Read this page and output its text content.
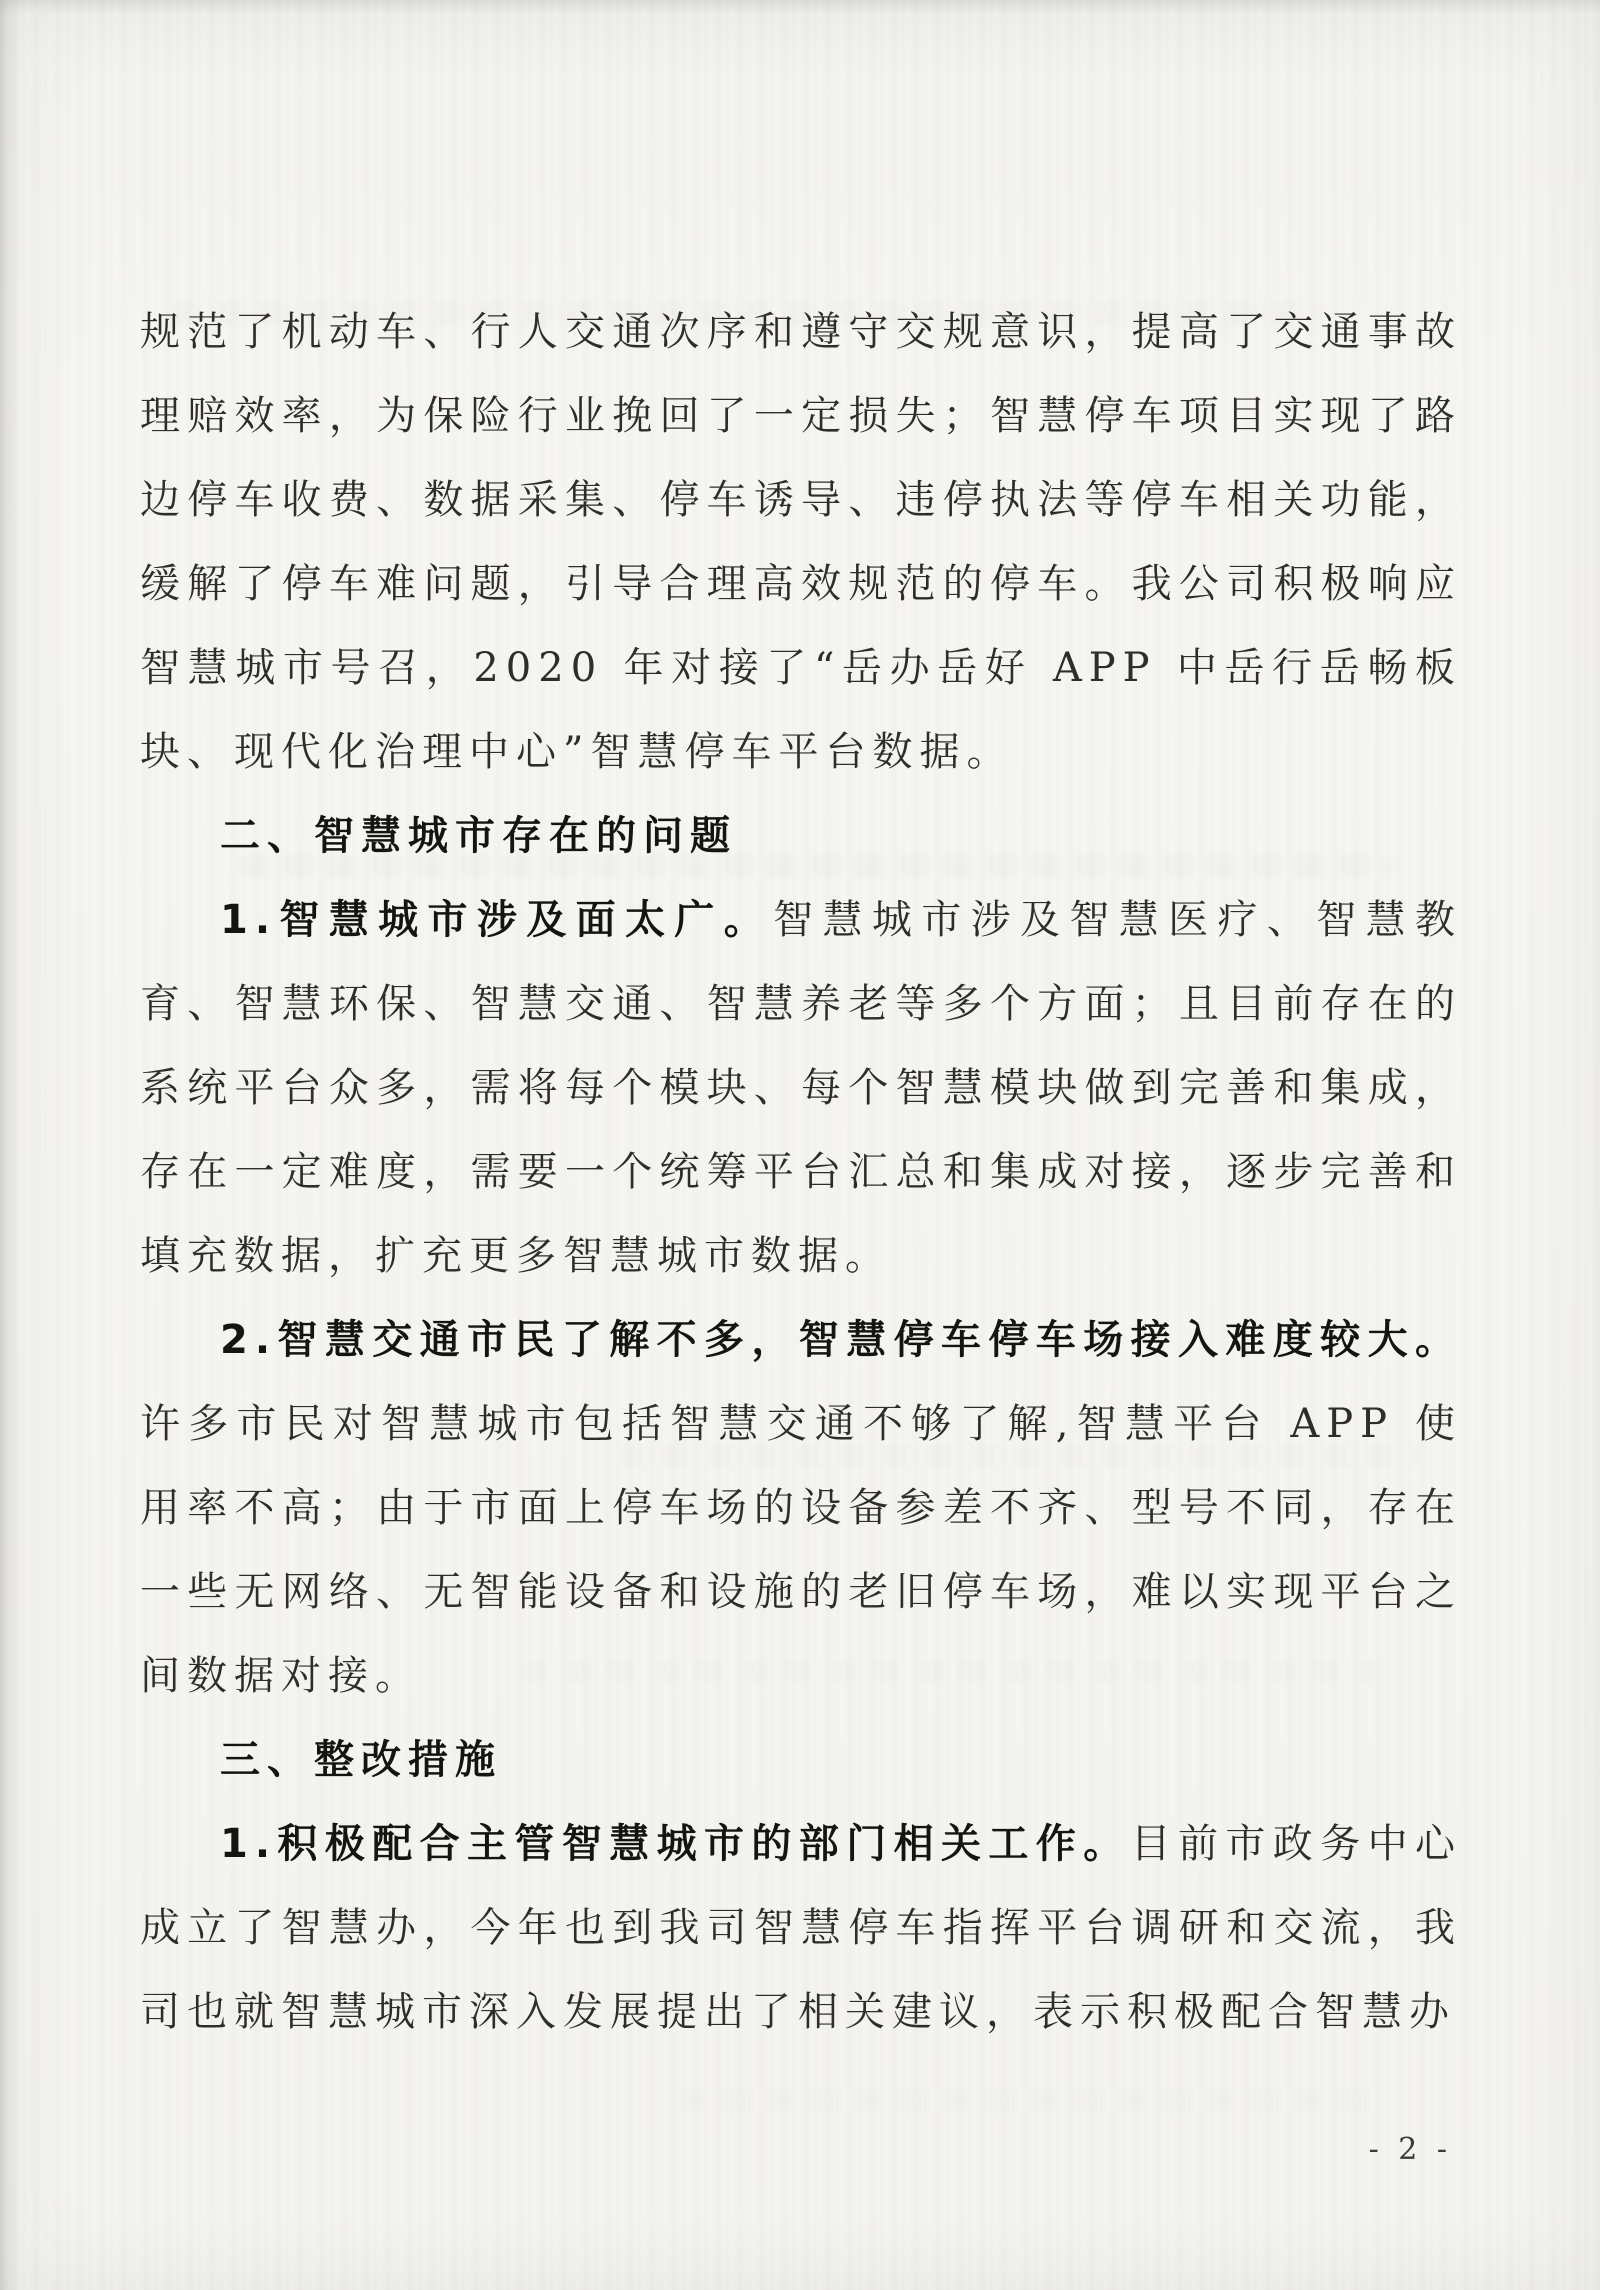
规范了机动车、行人交通次序和遵守交规意识，提高了交通事故理赔效率，为保险行业挽回了一定损失；智慧停车项目实现了路边停车收费、数据采集、停车诱导、违停执法等停车相关功能，缓解了停车难问题，引导合理高效规范的停车。我公司积极响应智慧城市号召，2020 年对接了“岳办岳好 APP 中岳行岳畅板块、现代化治理中心”智慧停车平台数据。

二、智慧城市存在的问题

1.智慧城市涉及面太广。智慧城市涉及智慧医疗、智慧教育、智慧环保、智慧交通、智慧养老等多个方面；且目前存在的系统平台众多，需将每个模块、每个智慧模块做到完善和集成，存在一定难度，需要一个统筹平台汇总和集成对接，逐步完善和填充数据，扩充更多智慧城市数据。

2.智慧交通市民了解不多，智慧停车停车场接入难度较大。许多市民对智慧城市包括智慧交通不够了解,智慧平台 APP 使用率不高；由于市面上停车场的设备参差不齐、型号不同，存在一些无网络、无智能设备和设施的老旧停车场，难以实现平台之间数据对接。

三、整改措施

1.积极配合主管智慧城市的部门相关工作。目前市政务中心成立了智慧办，今年也到我司智慧停车指挥平台调研和交流，我司也就智慧城市深入发展提出了相关建议，表示积极配合智慧办

- 2 -
